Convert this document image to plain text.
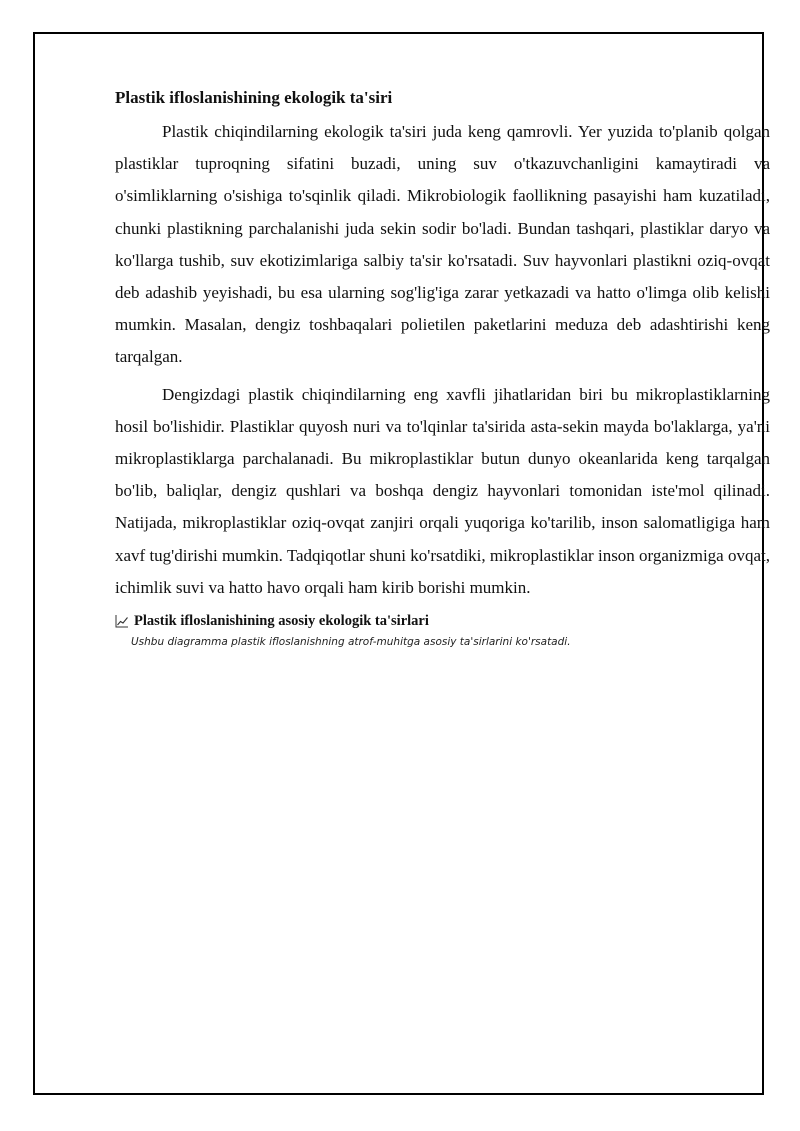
Plastik ifloslanishining ekologik ta'siri

Plastik chiqindilarning ekologik ta'siri juda keng qamrovli. Yer yuzida to'planib qolgan plastiklar tuproqning sifatini buzadi, uning suv o'tkazuvchanligini kamaytiradi va o'simliklarning o'sishiga to'sqinlik qiladi. Mikrobiologik faollikning pasayishi ham kuzatiladi, chunki plastikning parchalanishi juda sekin sodir bo'ladi. Bundan tashqari, plastiklar daryo va ko'llarga tushib, suv ekotizimlariga salbiy ta'sir ko'rsatadi. Suv hayvonlari plastikni oziq-ovqat deb adashib yeyishadi, bu esa ularning sog'lig'iga zarar yetkazadi va hatto o'limga olib kelishi mumkin. Masalan, dengiz toshbaqalari polietilen paketlarini meduza deb adashtirishi keng tarqalgan.

Dengizdagi plastik chiqindilarning eng xavfli jihatlaridan biri bu mikroplastiklarning hosil bo'lishidir. Plastiklar quyosh nuri va to'lqinlar ta'sirida asta-sekin mayda bo'laklarga, ya'ni mikroplastiklarga parchalanadi. Bu mikroplastiklar butun dunyo okeanlarida keng tarqalgan bo'lib, baliqlar, dengiz qushlari va boshqa dengiz hayvonlari tomonidan iste'mol qilinadi. Natijada, mikroplastiklar oziq-ovqat zanjiri orqali yuqoriga ko'tarilib, inson salomatligiga ham xavf tug'dirishi mumkin. Tadqiqotlar shuni ko'rsatdiki, mikroplastiklar inson organizmiga ovqat, ichimlik suvi va hatto havo orqali ham kirib borishi mumkin.

Plastik ifloslanishining asosiy ekologik ta'sirlari
Ushbu diagramma plastik ifloslanishning atrof-muhitga asosiy ta'sirlarini ko'rsatadi.
